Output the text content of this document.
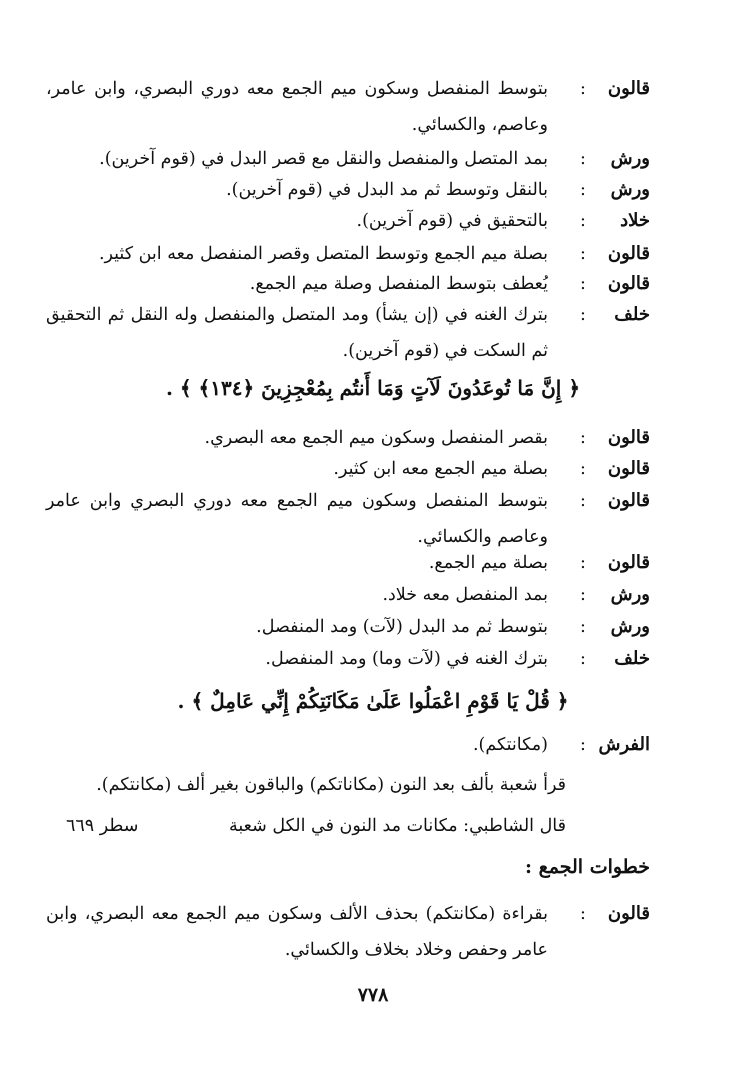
قالون
:
بتوسط المنفصل وسكون ميم الجمع معه دوري البصري، وابن عامر، وعاصم، والكسائي.
ورش
:
بمد المتصل والمنفصل والنقل مع قصر البدل في (قوم آخرين).
ورش
:
بالنقل وتوسط ثم مد البدل في (قوم آخرين).
خلاد
:
بالتحقيق في (قوم آخرين).
قالون
:
بصلة ميم الجمع وتوسط المتصل وقصر المنفصل معه ابن كثير.
قالون
:
يُعطف بتوسط المنفصل وصلة ميم الجمع.
خلف
:
بترك الغنه في (إن يشأ) ومد المتصل والمنفصل وله النقل ثم التحقيق ثم السكت في (قوم آخرين).
﴿ إِنَّ مَا تُوعَدُونَ لَآتٍ وَمَا أَنتُم بِمُعْجِزِينَ ﴿١٣٤﴾ ﴾ .
قالون
:
بقصر المنفصل وسكون ميم الجمع معه البصري.
قالون
:
بصلة ميم الجمع معه ابن كثير.
قالون
:
بتوسط المنفصل وسكون ميم الجمع معه دوري البصري وابن عامر وعاصم والكسائي.
قالون
:
بصلة ميم الجمع.
ورش
:
بمد المنفصل معه خلاد.
ورش
:
بتوسط ثم مد البدل (لآت) ومد المنفصل.
خلف
:
بترك الغنه في (لآت وما) ومد المنفصل.
﴿ قُلْ يَا قَوْمِ اعْمَلُوا عَلَىٰ مَكَانَتِكُمْ إِنِّي عَامِلٌ ﴾ .
الفرش
:
(مكانتكم).
قرأ شعبة بألف بعد النون (مكاناتكم) والباقون بغير ألف (مكانتكم).
قال الشاطبي: مكانات مد النون في الكل شعبة
سطر ٦٦٩
خطوات الجمع :
قالون
:
بقراءة (مكانتكم) بحذف الألف وسكون ميم الجمع معه البصري، وابن عامر وحفص وخلاد بخلاف والكسائي.
٧٧٨
